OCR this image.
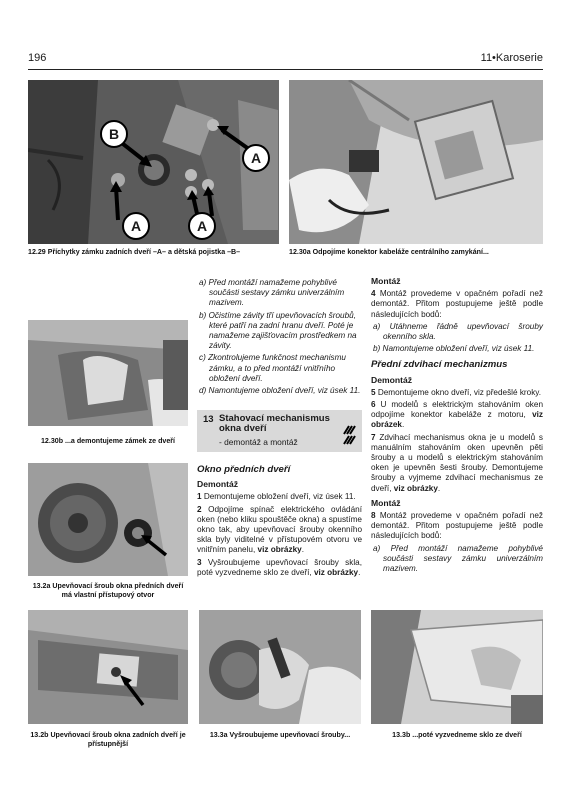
196	11•Karoserie
B
A	A
A
12.29 Příchytky zámku zadních dveří –A– a dětská pojistka –B–	12.30a Odpojíme konektor kabeláže centrálního zamykání...
12.30b ...a demontujeme zámek ze dveří
13.2a Upevňovací šroub okna předních dveří má vlastní přístupový otvor
13 Stahovací mechanismus okna dveří
- demontáž a montáž

a) Před montáží namažeme pohyblivé součásti sestavy zámku univerzálním mazivem.

b) Očistíme závity tří upevňovacích šroubů, které patří na zadní hranu dveří. Poté je namažeme zajišťovacím prostředkem na závity.

c) Zkontrolujeme funkčnost mechanismu zámku, a to před montáží vnitřního obložení dveří.

d) Namontujeme obložení dveří, viz úsek 11.

Okno předních dveří
Demontáž

1 Demontujeme obložení dveří, viz úsek 11.

2 Odpojíme spínač elektrického ovládání oken (nebo kliku spouštěče okna) a spustíme okno tak, aby upevňovací šrouby okenního skla byly viditelné v přístupovém otvoru ve vnitřním panelu, viz obrázky.

3 Vyšroubujeme upevňovací šrouby skla, poté vyzvedneme sklo ze dveří, viz obrázky.

Montáž

4 Montáž provedeme v opačném pořadí než demontáž. Přitom postupujeme ještě podle následujících bodů:

a) Utáhneme řádně upevňovací šrouby okenního skla.

b) Namontujeme obložení dveří, viz úsek 11.

Přední zdvihací mechanizmus
Demontáž

5 Demontujeme okno dveří, viz předešlé kroky.

6 U modelů s elektrickým stahováním oken odpojíme konektor kabeláže z motoru, viz obrázek.

7 Zdvihací mechanismus okna je u modelů s manuálním stahováním oken upevněn pěti šrouby a u modelů s elektrickým stahováním oken je upevněn šesti šrouby. Demontujeme šrouby a vyjmeme zdvihací mechanismus ze dveří, viz obrázky.

Montáž

8 Montáž provedeme v opačném pořadí než demontáž. Přitom postupujeme ještě podle následujících bodů:

a) Před montáží namažeme pohyblivé součásti sestavy zámku univerzálním mazivem.

13.2b Upevňovací šroub okna zadních dveří je přístupnější
13.3a Vyšroubujeme upevňovací šrouby...	13.3b ...poté vyzvedneme sklo ze dveří
